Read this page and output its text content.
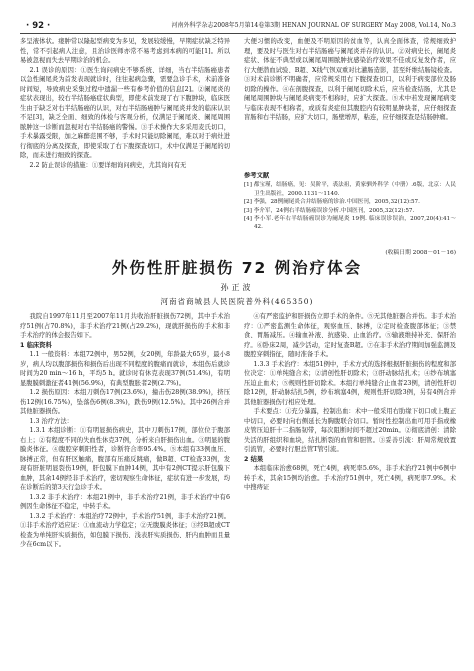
· 92 ·	河南外科学杂志2008年5月第14卷第3期 HENAN JOURNAL OF SURGERY May 2008, Vol.14, No.3

多呈液体状。瘘肿常以隆起型病变为多见，发展较缓慢，早期症状缺乏特异性，常不引起病人注意，且治诊医师亦常不易考虑到本病的可能[1]。所以易被忽视而失去早期诊治的机会。

2.1 误诊的原因：①医生询问病史不够系统、详细，当右半结肠癌患者以急性阑尾炎为首发表现就诊时，往往起病急骤，需要急诊手术，术前准备时间短，导致病史采集过程中遗漏一些有参考价值的信息[2]。②阑尾炎的症状表现出，较右半结肠癌症状典型，即使术前发现了右下腹肿块，临床医生由于缺乏对右半结肠癌的认识，对右半结肠癌肿与阑尾炎并发的临床认识不足[3]，缺乏全面、细致的体检与客观分析，仅满足于阑尾炎、阑尾周围脓肿这一诊断而忽视对右半结肠癌的警惕。③手术操作大多采用麦氏切口，手术暴露受限，加之麻醉范围不够，手术时只能切除阑尾，难以对于病灶进行彻底的分离及探查，即使采取了右下腹探查切口，术中仅满足于阑尾的切除，而未进行细致的探查。

2.2 防止误诊的措施：①要详细询问病史，尤其询问有无

大便习惯的改变，血便及不明原因的贫血等，认真全面体查，常规细致护理，要及时与医生对右半结肠癌与阑尾炎并存的认识。②对病史长，阑尾炎症状、体征不典型或以阑尾周围脓肿抗感染治疗效果不佳或反复发作者，应行大便潜血试验、B超、X线气钡双重对比灌肠造影，甚至纤维结肠镜检查。③对术前诊断不明确者，应常规采用右下腹探查切口，以利于病变部位及肠切除的操作。④在剖腹探查，以利于阑尾切除术后，应当检查结肠，尤其是阑尾周围肿块与阑尾炎病变不相称时，应扩大探查。⑤术中若发现阑尾病变与临床表现不相称者，或质有炎症但其腹腔内有较明显肿块者，应仔细探查盲肠和右半结肠，应扩大切口，肠壁增厚，粘连，应仔细探查是结肠肿瘤。

参考文献
[1] 都宝瑾，结肠癌，见：吴阶平，裘法祖，黄家驷外科学（中册）.6版，北京：人民卫生出版社，2000.1131～1140.
[2] 李强，28例阑尾炎合并结肠癌的诊治.中国医刊，2005,32(12):57.
[3] 李介军，24例右半结肠癌误诊分析.中国医刊，2005,32(12):57.
[4] 李小军.老年右半结肠癌误诊为阑尾炎 19例. 临床误诊误治，2007,20(4):41～42.
(收稿日期 2008－01－16)
外伤性肝脏损伤 72 例治疗体会
孙正波
河南省商城县人民医院普外科(465350)

我院自1997年11月至2007年11月共收治肝脏损伤72例，其中手术治疗51例(占70.8%)，非手术治疗21例(占29.2%)，现就肝损伤的手术和非手术治疗的体会报告如下。

1 临床资料

1.1 一般资料：本组72例中，男52例，女20例，年龄最大65岁，最小8岁，病人均以腹部损伤和损伤后出现不同程度的腹痛而就诊，本组伤后就诊时间为20 min～16 h，平均5 h。就诊时有休克表现37例(51.4%)，有明显腹膜刺激征者41例(56.9%)，有典型腹胀者2例(2.7%)。

1.2 损伤原因：本组刀刺伤17例(23.6%)，撞击伤28例(38.9%)，挤压伤12例(16.75%)，坠落伤6例(8.3%)，跌伤9例(12.5%)。其中26例合并其他脏器损伤。

1.3 治疗方法：

1.3.1 本组诊断：①有明显损伤病史，其中刀刺伤17例，部位位于腹部右上；②有程度不同的失血性休克37例，分析来自肝损伤出血。③明显的腹膜炎体征。④腹腔穿刺阳性者，诊断符合率95.4%。⑤本组有33例血压、脉搏正常，但有肝区触痛，腹部有压痛反跳痛，做B超、CT检查33例，发现有肝脏明显裂伤19例，肝包膜下血肿14例，其中有2例CT提示肝包膜下血肿，其余14例经非手术治疗，密切观察生命体征，症状有进一步发展，均在诊断后的第3天行急诊手术。

1.3.2 非手术治疗：本组21例中，非手术治疗21例，非手术治疗中有6例因生命体征不稳定，中转手术。

1.3.2 手术治疗：本组治疗72例中，手术治疗51例，非手术治疗21例。①非手术治疗适应证：①血流动力学稳定；②无腹膜炎体征；③经B超或CT检查为单纯肝实质损伤，如包膜下损伤、浅表肝实质损伤、肝内血肿而且量少在6cm以下。

④有严密监护和肝损伤立即手术的条件。⑤无其他脏器合并伤。非手术治疗：①严密监测生命体征，观察血压、脉搏，②定时检查腹部体征；③禁食、胃肠减压。④输血补液、抗感染、止血治疗。⑤输液维持补充、保肝治疗。⑥卧床2周，减少活动，定时复查B超。⑦在非手术治疗期间加强监测及腹腔穿刺指征，随时准备手术。

1.3.3 手术治疗：本组51例中，手术方式的选择根据肝脏损伤的程度和部位决定：①单纯缝合术；②清创性肝切除术；③肝动脉结扎术；④纱布填塞压迫止血术；⑤规则性肝切除术。本组行单纯缝合止血者23例，清创性肝切除12例，肝动脉结扎5例，纱布填塞4例，规则性肝切除3例，另有4例合并其他脏器损伤行相应处理。

手术要点：①充分暴露，控制出血：术中一般采用右肋缘下切口或上腹正中切口，必要时向右侧延长为胸腹联合切口。暂时性控制出血可用手指或橡皮管压迫肝十二指肠韧带，每次阻断时间不超过20min。②彻底清创：清除失活的肝组织和血块，结扎断裂的血管和胆管。③妥善引流：肝周常规放置引流管，必要时行胆总管T管引流。

2 结果

本组临床治愈68例，死亡4例，病死率5.6%，非手术治疗21例中6例中转手术，其余15例均治愈。手术治疗51例中，死亡4例，病死率7.9%。术中搜痔证
